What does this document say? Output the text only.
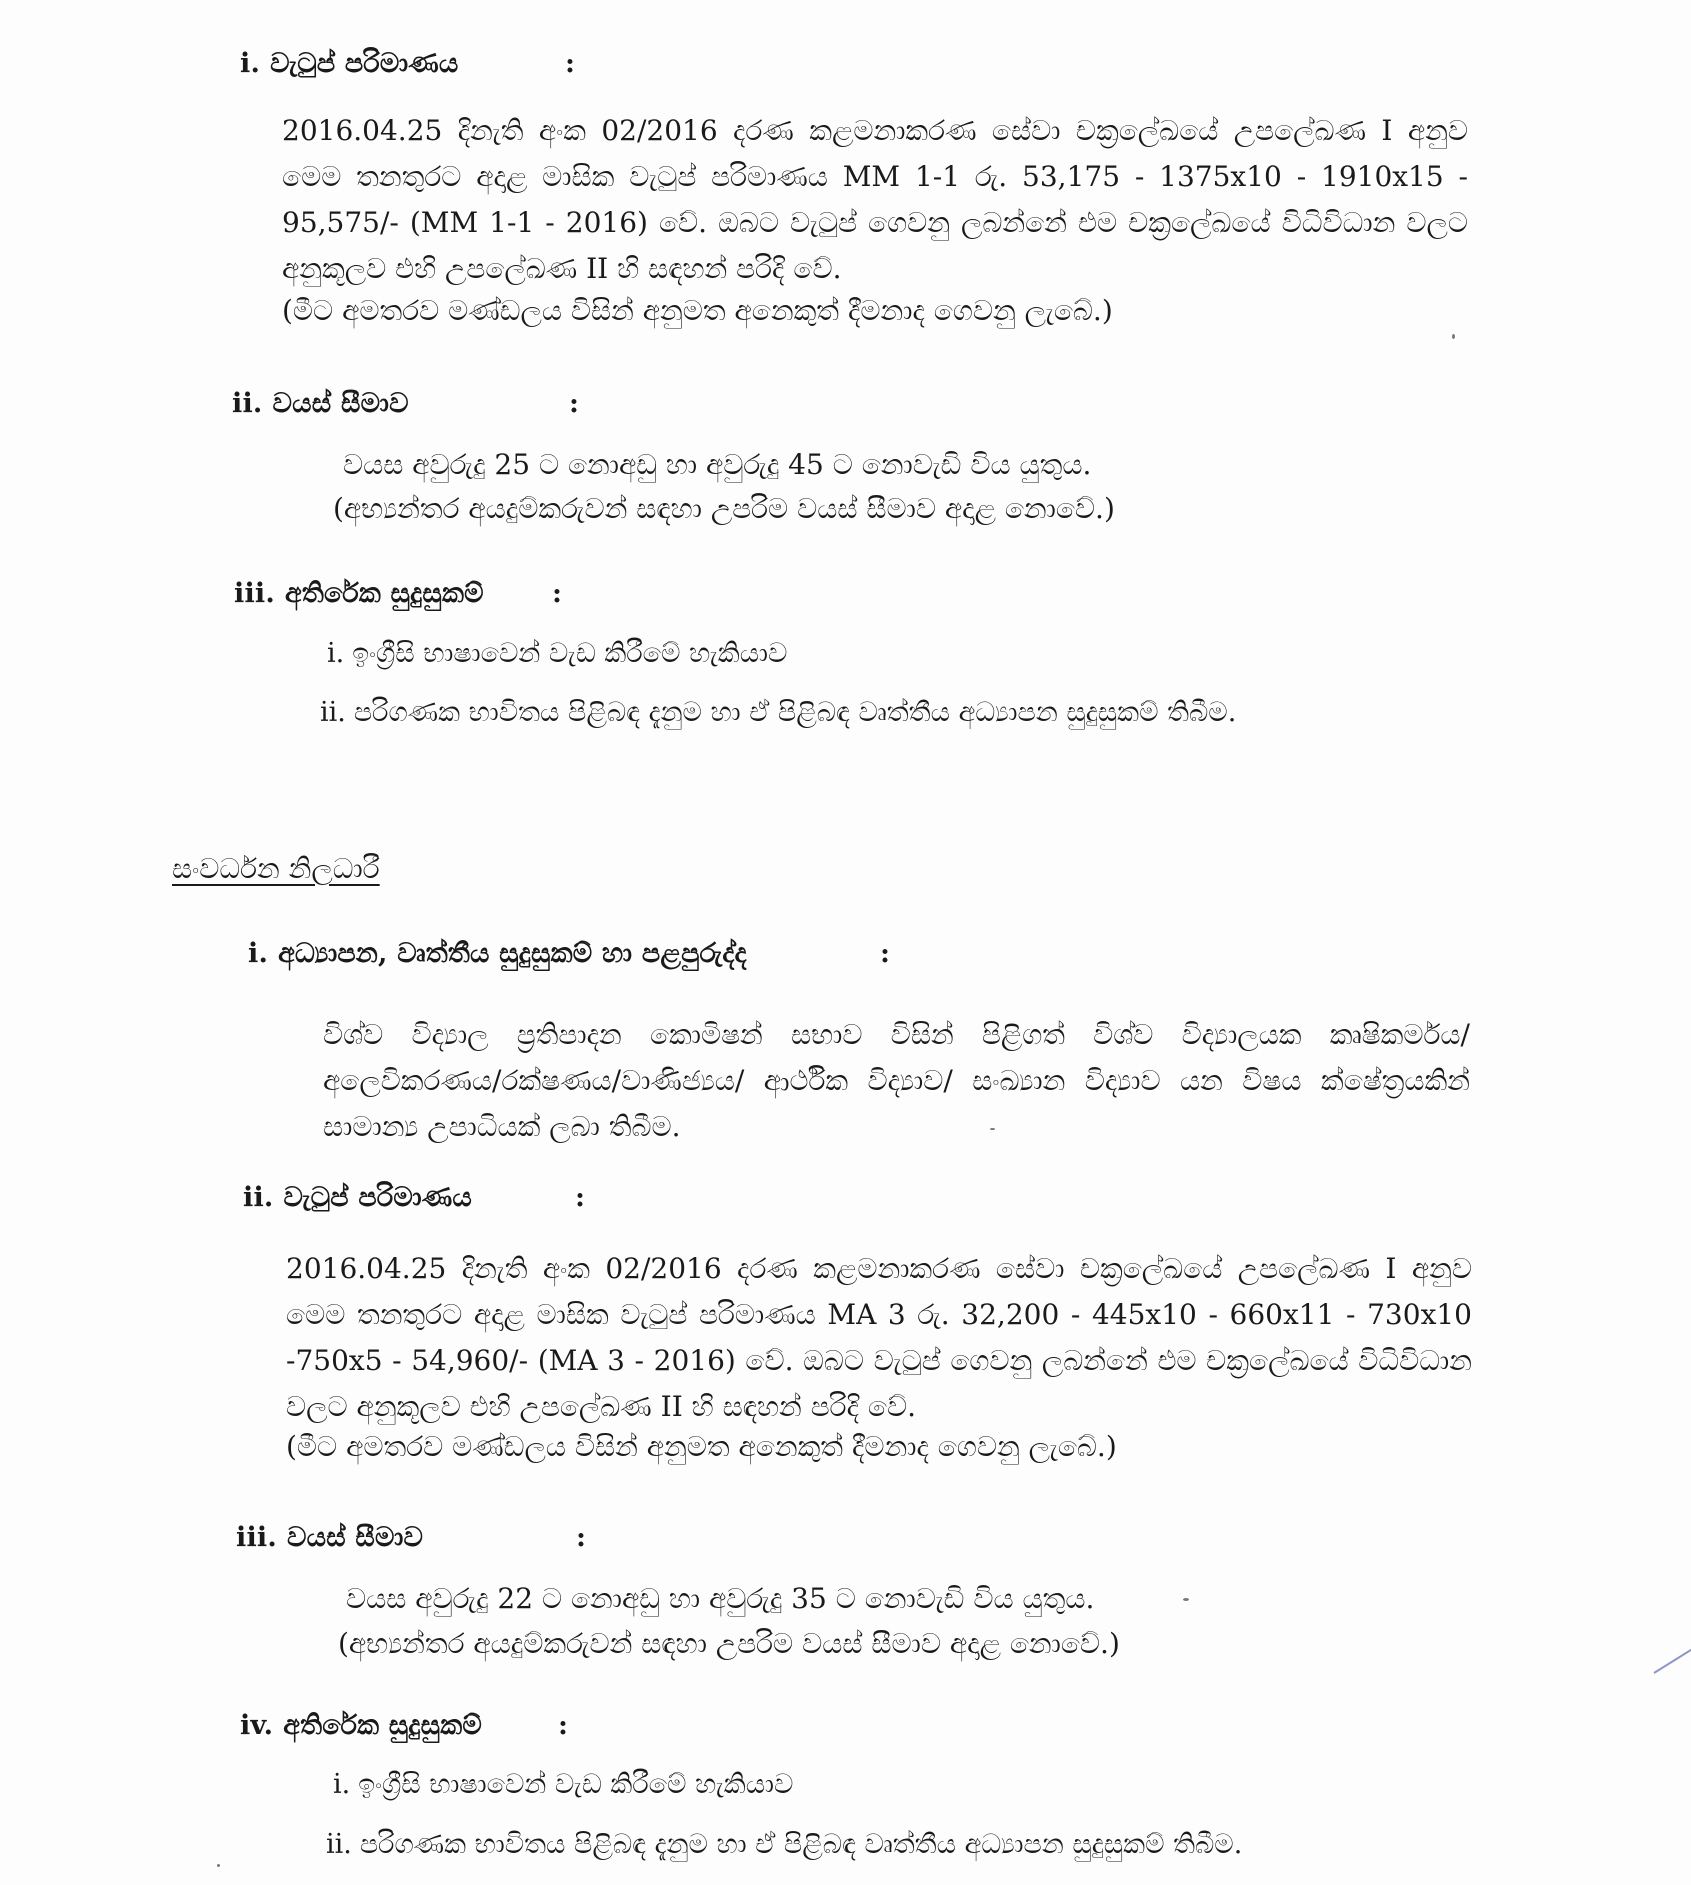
i. වැටුප් පරිමාණය	:
2016.04.25 දිනැති අංක 02/2016 දරණ කළමනාකරණ සේවා චක්‍රලේඛයේ උපලේඛණ I අනුව මෙම තනතුරට අදාළ මාසික වැටුප් පරිමාණය MM 1-1 රු. 53,175 - 1375x10 - 1910x15 - 95,575/- (MM 1-1 - 2016) වේ. ඔබට වැටුප් ගෙවනු ලබන්නේ එම චක්‍රලේඛයේ විධිවිධාන වලට අනුකූලව එහි උපලේඛණ II හි සඳහන් පරිදි වේ.
(මීට අමතරව මණ්ඩලය විසින් අනුමත අනෙකුත් දීමනාද ගෙවනු ලැබේ.)
ii. වයස් සීමාව	:
වයස අවුරුදු 25 ට නොඅඩු හා අවුරුදු 45 ට නොවැඩි විය යුතුය.
(අභ්‍යන්තර අයදුම්කරුවන් සඳහා උපරිම වයස් සීමාව අදාළ නොවේ.)
iii. අතිරේක සුදුසුකම්	:
i. ඉංග්‍රීසි භාෂාවෙන් වැඩ කිරීමේ හැකියාව
ii. පරිගණක භාවිතය පිළිබඳ දැනුම හා ඒ පිළිබඳ වෘත්තීය අධ්‍යාපන සුදුසුකම් තිබීම.
සංවර්ධන නිලධාරී
i. අධ්‍යාපන, වෘත්තීය සුදුසුකම් හා පළපුරුද්ද	:
විශ්ව විද්‍යාල ප්‍රතිපාදන කොමිෂන් සභාව විසින් පිළිගත් විශ්ව විද්‍යාලයක කෘෂිකර්මය/අලෙවිකරණය/රක්ෂණය/වාණිජ්‍යය/ ආර්ථික විද්‍යාව/ සංඛ්‍යාන විද්‍යාව යන විෂය ක්ෂේත්‍රයකින් සාමාන්‍ය උපාධියක් ලබා තිබීම.
ii. වැටුප් පරිමාණය	:
2016.04.25 දිනැති අංක 02/2016 දරණ කළමනාකරණ සේවා චක්‍රලේඛයේ උපලේඛණ I අනුව මෙම තනතුරට අදාළ මාසික වැටුප් පරිමාණය MA 3 රු. 32,200 - 445x10 - 660x11 - 730x10 -750x5 - 54,960/- (MA 3 - 2016) වේ. ඔබට වැටුප් ගෙවනු ලබන්නේ එම චක්‍රලේඛයේ විධිවිධාන වලට අනුකූලව එහි උපලේඛණ II හි සඳහන් පරිදි වේ.
(මීට අමතරව මණ්ඩලය විසින් අනුමත අනෙකුත් දීමනාද ගෙවනු ලැබේ.)
iii. වයස් සීමාව	:
වයස අවුරුදු 22 ට නොඅඩු හා අවුරුදු 35 ට නොවැඩි විය යුතුය.
(අභ්‍යන්තර අයදුම්කරුවන් සඳහා උපරිම වයස් සීමාව අදාළ නොවේ.)
iv. අතිරේක සුදුසුකම්	:
i. ඉංග්‍රීසි භාෂාවෙන් වැඩ කිරීමේ හැකියාව
ii. පරිගණක භාවිතය පිළිබඳ දැනුම හා ඒ පිළිබඳ වෘත්තීය අධ්‍යාපන සුදුසුකම් තිබීම.
